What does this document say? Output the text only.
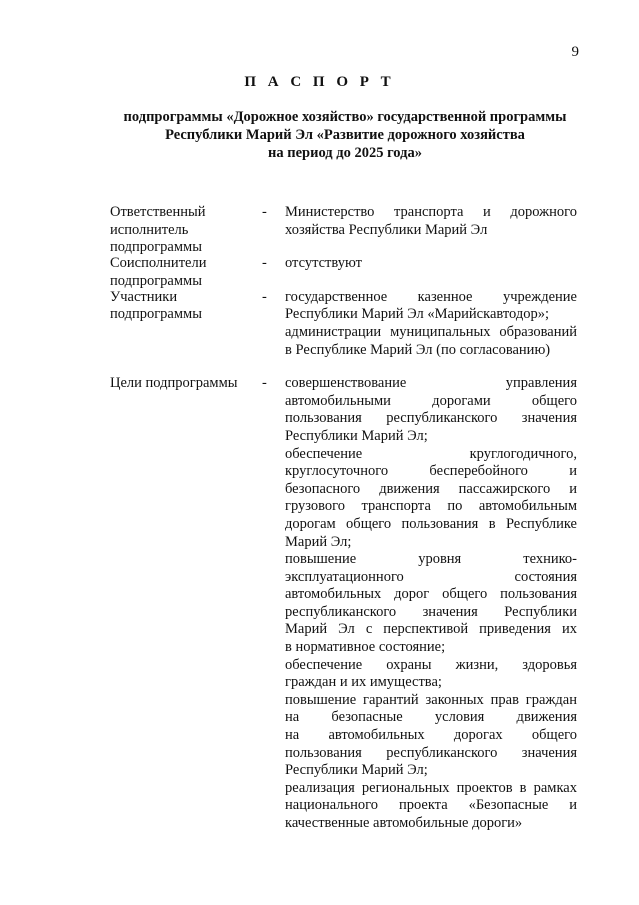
9
П А С П О Р Т
подпрограммы «Дорожное хозяйство» государственной программы
Республики Марий Эл «Развитие дорожного хозяйства
на период до 2025 года»
Ответственный
исполнитель
подпрограммы
- Министерство транспорта и дорожного
хозяйства Республики Марий Эл
Соисполнители
подпрограммы
- отсутствуют
Участники
подпрограммы
- государственное казенное учреждение
Республики Марий Эл «Марийскавтодор»;
администрации муниципальных образований
в Республике Марий Эл (по согласованию)
Цели подпрограммы	- совершенствование управления
автомобильными дорогами общего
пользования республиканского значения
Республики Марий Эл;
обеспечение круглогодичного,
круглосуточного бесперебойного и
безопасного движения пассажирского и
грузового транспорта по автомобильным
дорогам общего пользования в Республике
Марий Эл;
повышение уровня технико-
эксплуатационного состояния
автомобильных дорог общего пользования
республиканского значения Республики
Марий Эл с перспективой приведения их
в нормативное состояние;
обеспечение охраны жизни, здоровья
граждан и их имущества;
повышение гарантий законных прав граждан
на безопасные условия движения
на автомобильных дорогах общего
пользования республиканского значения
Республики Марий Эл;
реализация региональных проектов в рамках
национального проекта «Безопасные и
качественные автомобильные дороги»
